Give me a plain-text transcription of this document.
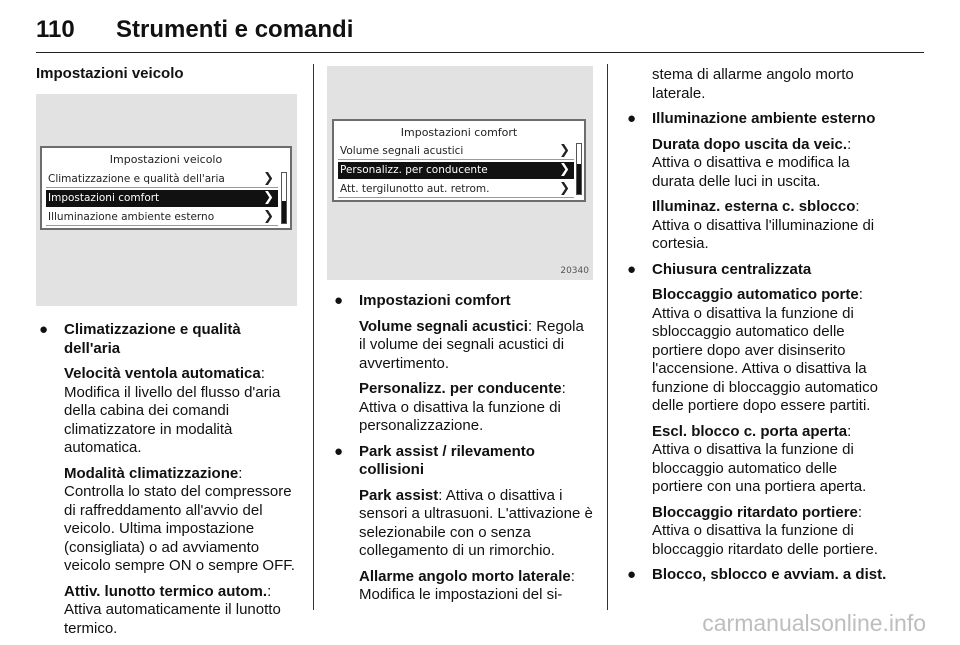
110 Strumenti e comandi
Impostazioni veicolo
Impostazioni veicolo
Climatizzazione e qualità dell'aria	❯
Impostazioni comfort	❯
Illuminazione ambiente esterno	❯
Impostazioni comfort
Volume segnali acustici	❯
Personalizz. per conducente	❯
Att. tergilunotto aut. retrom.	❯
20340
● Climatizzazione e qualità dell'aria

Velocità ventola automatica: Modifica il livello del flusso d'aria della cabina dei comandi climatizzatore in modalità automatica.

Modalità climatizzazione: Controlla lo stato del compressore di raffreddamento all'avvio del veicolo. Ultima impostazione (consigliata) o ad avviamento veicolo sempre ON o sempre OFF.

Attiv. lunotto termico autom.: Attiva automaticamente il lunotto termico.

● Impostazioni comfort

Volume segnali acustici: Regola il volume dei segnali acustici di avvertimento.

Personalizz. per conducente: Attiva o disattiva la funzione di personalizzazione.

● Park assist / rilevamento collisioni

Park assist: Attiva o disattiva i sensori a ultrasuoni. L'attivazione è selezionabile con o senza collegamento di un rimorchio.

Allarme angolo morto laterale: Modifica le impostazioni del si-

stema di allarme angolo morto laterale.

● Illuminazione ambiente esterno

Durata dopo uscita da veic.: Attiva o disattiva e modifica la durata delle luci in uscita.

Illuminaz. esterna c. sblocco: Attiva o disattiva l'illuminazione di cortesia.

● Chiusura centralizzata

Bloccaggio automatico porte: Attiva o disattiva la funzione di sbloccaggio automatico delle portiere dopo aver disinserito l'accensione. Attiva o disattiva la funzione di bloccaggio automatico delle portiere dopo essere partiti.

Escl. blocco c. porta aperta: Attiva o disattiva la funzione di bloccaggio automatico delle portiere con una portiera aperta.

Bloccaggio ritardato portiere: Attiva o disattiva la funzione di bloccaggio ritardato delle portiere.

● Blocco, sblocco e avviam. a dist.

carmanualsonline.info
